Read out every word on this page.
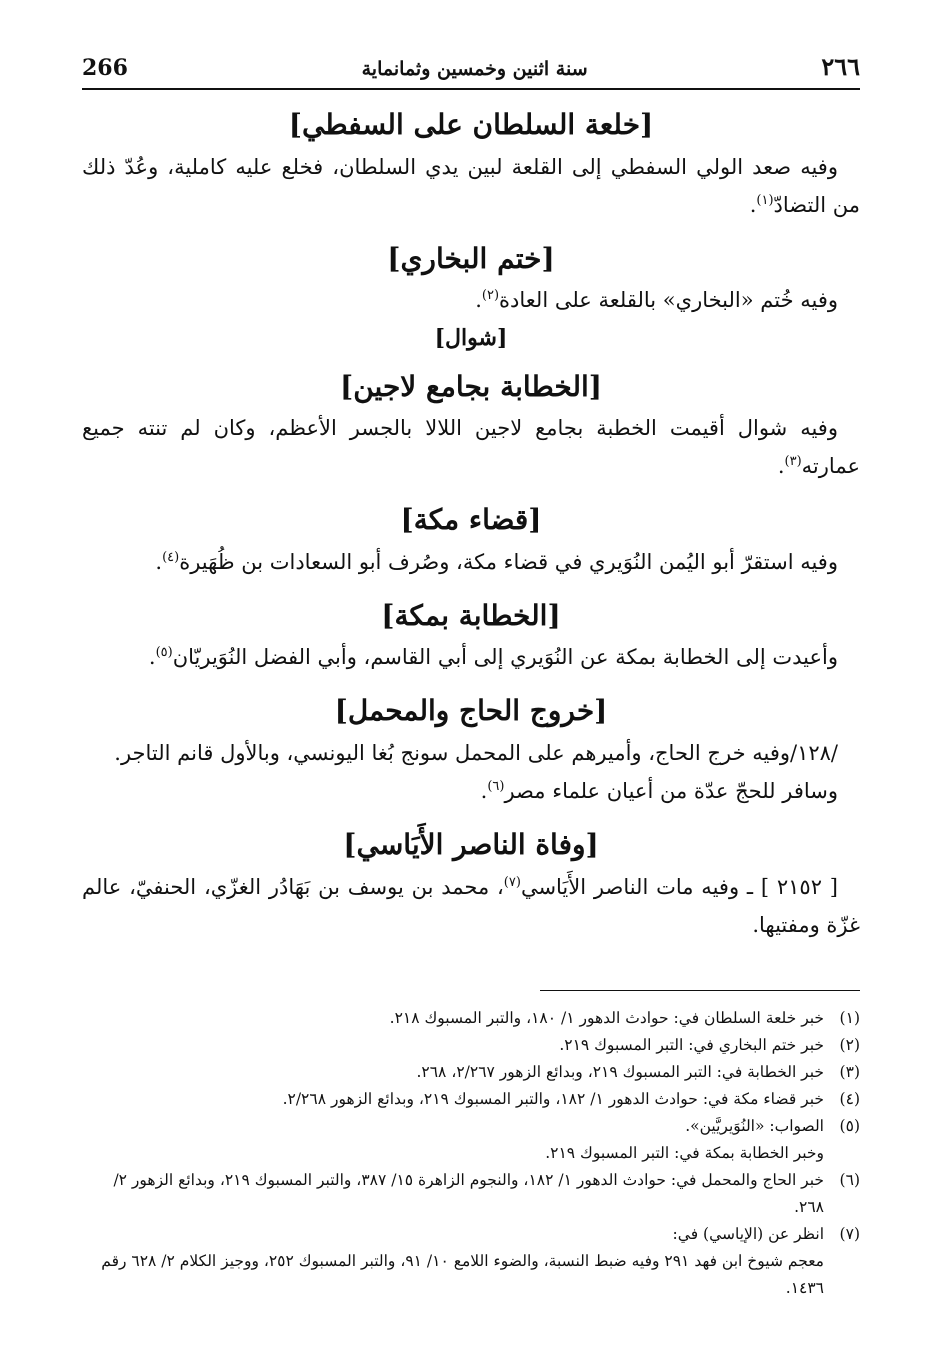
٢٦٦
سنة اثنين وخمسين وثمانماية
266
[خلعة السلطان على السفطي]

وفيه صعد الولي السفطي إلى القلعة لبين يدي السلطان، فخلع عليه كاملية، وعُدّ ذلك من التضادّ$^{(١)}$.

[ختم البخاري]

وفيه خُتم «البخاري» بالقلعة على العادة$^{(٢)}$.

[شوال]
[الخطابة بجامع لاجين]

وفيه شوال أقيمت الخطبة بجامع لاجين اللالا بالجسر الأعظم، وكان لم تنته جميع عمارته$^{(٣)}$.

[قضاء مكة]

وفيه استقرّ أبو اليُمن النُوَيري في قضاء مكة، وصُرف أبو السعادات بن ظُهَيرة$^{(٤)}$.

[الخطابة بمكة]

وأعيدت إلى الخطابة بمكة عن النُوَيري إلى أبي القاسم، وأبي الفضل النُوَيريّان$^{(٥)}$.

[خروج الحاج والمحمل]

/١٢٨/وفيه خرج الحاج، وأميرهم على المحمل سونج بُغا اليونسي، وبالأول قانم التاجر.

وسافر للحجّ عدّة من أعيان علماء مصر$^{(٦)}$.

[وفاة الناصر الأَيَاسي]

[ ٢١٥٢ ] ـ وفيه مات الناصر الأَيَاسي$^{(٧)}$، محمد بن يوسف بن بَهَادُر الغزّي، الحنفيّ، عالم غزّة ومفتيها.

(١)
خبر خلعة السلطان في: حوادث الدهور ١/ ١٨٠، والتبر المسبوك ٢١٨.
(٢)
خبر ختم البخاري في: التبر المسبوك ٢١٩.
(٣)
خبر الخطابة في: التبر المسبوك ٢١٩، وبدائع الزهور ٢/٢٦٧، ٢٦٨.
(٤)
خبر قضاء مكة في: حوادث الدهور ١/ ١٨٢، والتبر المسبوك ٢١٩، وبدائع الزهور ٢/٢٦٨.
(٥)
الصواب: «النُوَيريَّين».
وخبر الخطابة بمكة في: التبر المسبوك ٢١٩.
(٦)
خبر الحاج والمحمل في: حوادث الدهور ١/ ١٨٢، والنجوم الزاهرة ١٥/ ٣٨٧، والتبر المسبوك ٢١٩، وبدائع الزهور ٢/ ٢٦٨.
(٧)
انظر عن (الإياسي) في:
معجم شيوخ ابن فهد ٢٩١ وفيه ضبط النسبة، والضوء اللامع ١٠/ ٩١، والتبر المسبوك ٢٥٢، ووجيز الكلام ٢/ ٦٢٨ رقم ١٤٣٦.
